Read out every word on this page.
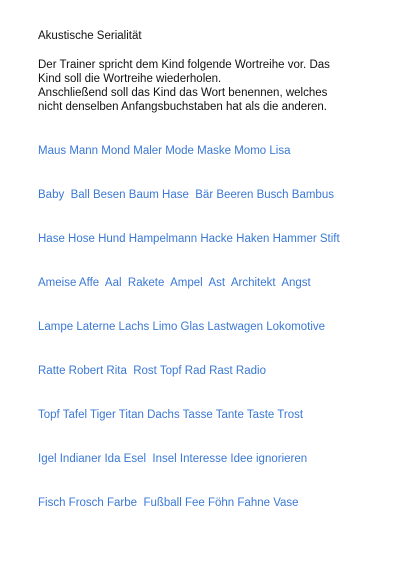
Akustische Serialität
Der Trainer spricht dem Kind folgende Wortreihe vor. Das
Kind soll die Wortreihe wiederholen.
Anschließend soll das Kind das Wort benennen, welches
nicht denselben Anfangsbuchstaben hat als die anderen.
Maus Mann Mond Maler Mode Maske Momo Lisa
Baby  Ball Besen Baum Hase  Bär Beeren Busch Bambus
Hase Hose Hund Hampelmann Hacke Haken Hammer Stift
Ameise Affe  Aal  Rakete  Ampel  Ast  Architekt  Angst
Lampe Laterne Lachs Limo Glas Lastwagen Lokomotive
Ratte Robert Rita  Rost Topf Rad Rast Radio
Topf Tafel Tiger Titan Dachs Tasse Tante Taste Trost
Igel Indianer Ida Esel  Insel Interesse Idee ignorieren
Fisch Frosch Farbe  Fußball Fee Föhn Fahne Vase
